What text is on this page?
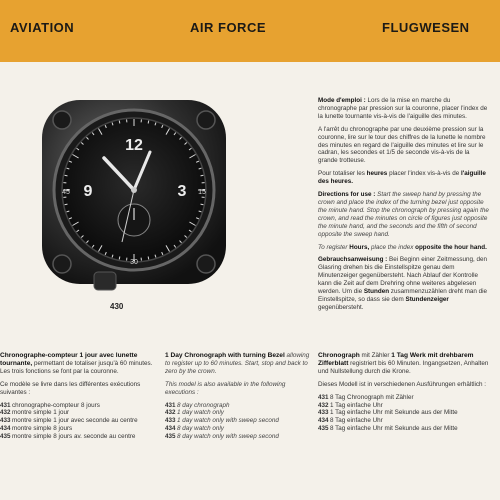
AVIATION	AIR FORCE	FLUGWESEN
15
30
45
12
3
9
430
Mode d'emploi : Lors de la mise en marche du chronographe par pression sur la couronne, placer l'index de la lunette tournante vis-à-vis de l'aiguille des minutes.
A l'arrêt du chronographe par une deuxième pression sur la couronne, lire sur le tour des chiffres de la lunette le nombre des minutes en regard de l'aiguille des minutes et lire sur le cadran, les secondes et 1/5 de seconde vis-à-vis de la grande trotteuse.
Pour totaliser les heures placer l'index vis-à-vis de l'aiguille des heures.
Directions for use : Start the sweep hand by pressing the crown and place the index of the turning bezel just opposite the minute hand. Stop the chronograph by pressing again the crown, and read the minutes on circle of figures just opposite the minute hand, and the seconds and the fifth of second opposite the sweep hand.
To register Hours, place the index opposite the hour hand.
Gebrauchsanweisung : Bei Beginn einer Zeitmessung, den Glasring drehen bis die Einstellspitze genau dem Minutenzeiger gegenübersteht. Nach Ablauf der Kontrolle kann die Zeit auf dem Drehring ohne weiteres abgelesen werden. Um die Stunden zusammenzuzählen dreht man die Einstellspitze, so dass sie dem Stundenzeiger gegenübersteht.
Chronographe-compteur 1 jour avec lunette tournante, permettant de totaliser jusqu'à 60 minutes. Les trois fonctions se font par la couronne.
Ce modèle se livre dans les différentes exécutions suivantes :
431 chronographe-compteur 8 jours
432 montre simple 1 jour
433 montre simple 1 jour avec seconde au centre
434 montre simple 8 jours
435 montre simple 8 jours av. seconde au centre
1 Day Chronograph with turning Bezel allowing to register up to 60 minutes. Start, stop and back to zero by the crown.
This model is also available in the following executions :
431 8 day chronograph
432 1 day watch only
433 1 day watch only with sweep second
434 8 day watch only
435 8 day watch only with sweep second
Chronograph mit Zähler 1 Tag Werk mit drehbarem Zifferblatt registriert bis 60 Minuten. Ingangsetzen, Anhalten und Nullstellung durch die Krone.
Dieses Modell ist in verschiedenen Ausführungen erhältlich :
431 8 Tag Chronograph mit Zähler
432 1 Tag einfache Uhr
433 1 Tag einfache Uhr mit Sekunde aus der Mitte
434 8 Tag einfache Uhr
435 8 Tag einfache Uhr mit Sekunde aus der Mitte
